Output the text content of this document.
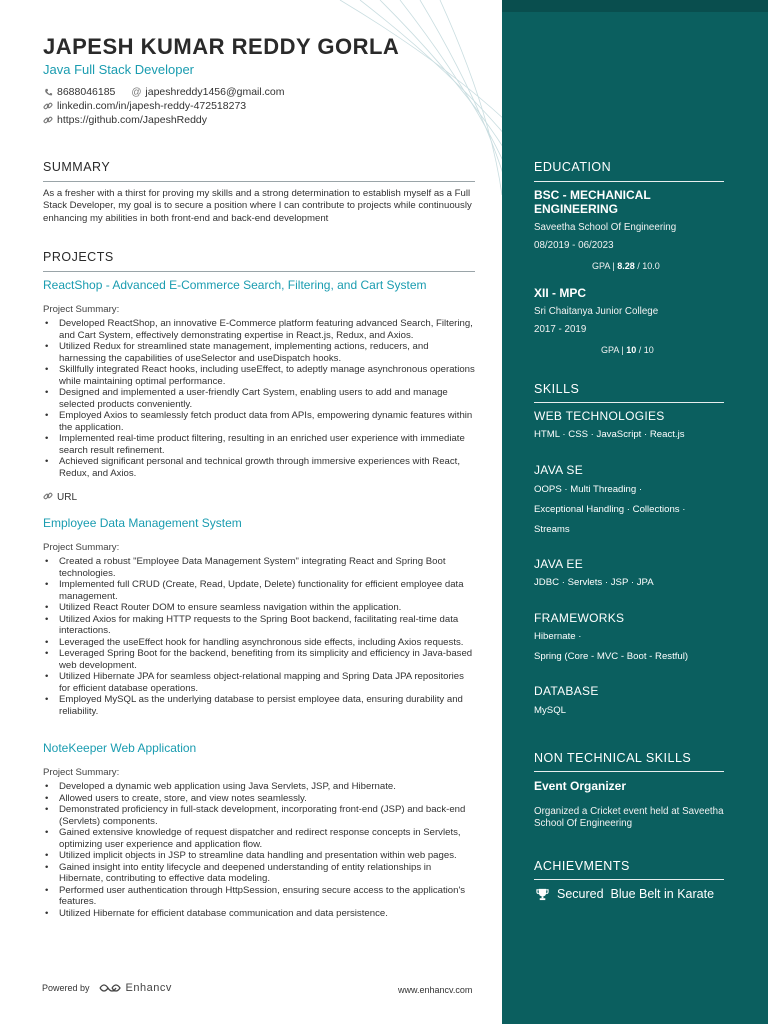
JAPESH KUMAR REDDY GORLA
Java Full Stack Developer
8688046185 @ japeshreddy1456@gmail.com
linkedin.com/in/japesh-reddy-472518273
https://github.com/JapeshReddy
SUMMARY
As a fresher with a thirst for proving my skills and a strong determination to establish myself as a Full Stack Developer, my goal is to secure a position where I can contribute to projects while continuously enhancing my abilities in both front-end and back-end development
PROJECTS
ReactShop - Advanced E-Commerce Search, Filtering, and Cart System
Project Summary:
• Developed ReactShop, an innovative E-Commerce platform featuring advanced Search, Filtering, and Cart System, effectively demonstrating expertise in React.js, Redux, and Axios.
• Utilized Redux for streamlined state management, implementing actions, reducers, and harnessing the capabilities of useSelector and useDispatch hooks.
• Skillfully integrated React hooks, including useEffect, to adeptly manage asynchronous operations while maintaining optimal performance.
• Designed and implemented a user-friendly Cart System, enabling users to add and manage selected products conveniently.
• Employed Axios to seamlessly fetch product data from APIs, empowering dynamic features within the application.
• Implemented real-time product filtering, resulting in an enriched user experience with immediate search result refinement.
• Achieved significant personal and technical growth through immersive experiences with React, Redux, and Axios.
URL
Employee Data Management System
Project Summary:
• Created a robust "Employee Data Management System" integrating React and Spring Boot technologies.
• Implemented full CRUD (Create, Read, Update, Delete) functionality for efficient employee data management.
• Utilized React Router DOM to ensure seamless navigation within the application.
• Utilized Axios for making HTTP requests to the Spring Boot backend, facilitating real-time data interactions.
• Leveraged the useEffect hook for handling asynchronous side effects, including Axios requests.
• Leveraged Spring Boot for the backend, benefiting from its simplicity and efficiency in Java-based web development.
• Utilized Hibernate JPA for seamless object-relational mapping and Spring Data JPA repositories for efficient database operations.
• Employed MySQL as the underlying database to persist employee data, ensuring durability and reliability.
NoteKeeper Web Application
Project Summary:
• Developed a dynamic web application using Java Servlets, JSP, and Hibernate.
• Allowed users to create, store, and view notes seamlessly.
• Demonstrated proficiency in full-stack development, incorporating front-end (JSP) and back-end (Servlets) components.
• Gained extensive knowledge of request dispatcher and redirect response concepts in Servlets, optimizing user experience and application flow.
• Utilized implicit objects in JSP to streamline data handling and presentation within web pages.
• Gained insight into entity lifecycle and deepened understanding of entity relationships in Hibernate, contributing to effective data modeling.
• Performed user authentication through HttpSession, ensuring secure access to the application's features.
• Utilized Hibernate for efficient database communication and data persistence.
Powered by	Enhancv	www.enhancv.com
EDUCATION
BSC - MECHANICAL ENGINEERING
Saveetha School Of Engineering
08/2019 - 06/2023
GPA | 8.28 / 10.0
XII - MPC
Sri Chaitanya Junior College
2017 - 2019
GPA | 10 / 10
SKILLS
WEB TECHNOLOGIES
HTML · CSS · JavaScript · React.js
JAVA SE
OOPS · Multi Threading ·
Exceptional Handling · Collections ·
Streams
JAVA EE
JDBC · Servlets · JSP · JPA
FRAMEWORKS
Hibernate ·
Spring (Core - MVC - Boot - Restful)
DATABASE
MySQL
NON TECHNICAL SKILLS
Event Organizer
Organized a Cricket event held at Saveetha School Of Engineering
ACHIEVMENTS
Secured  Blue Belt in Karate
